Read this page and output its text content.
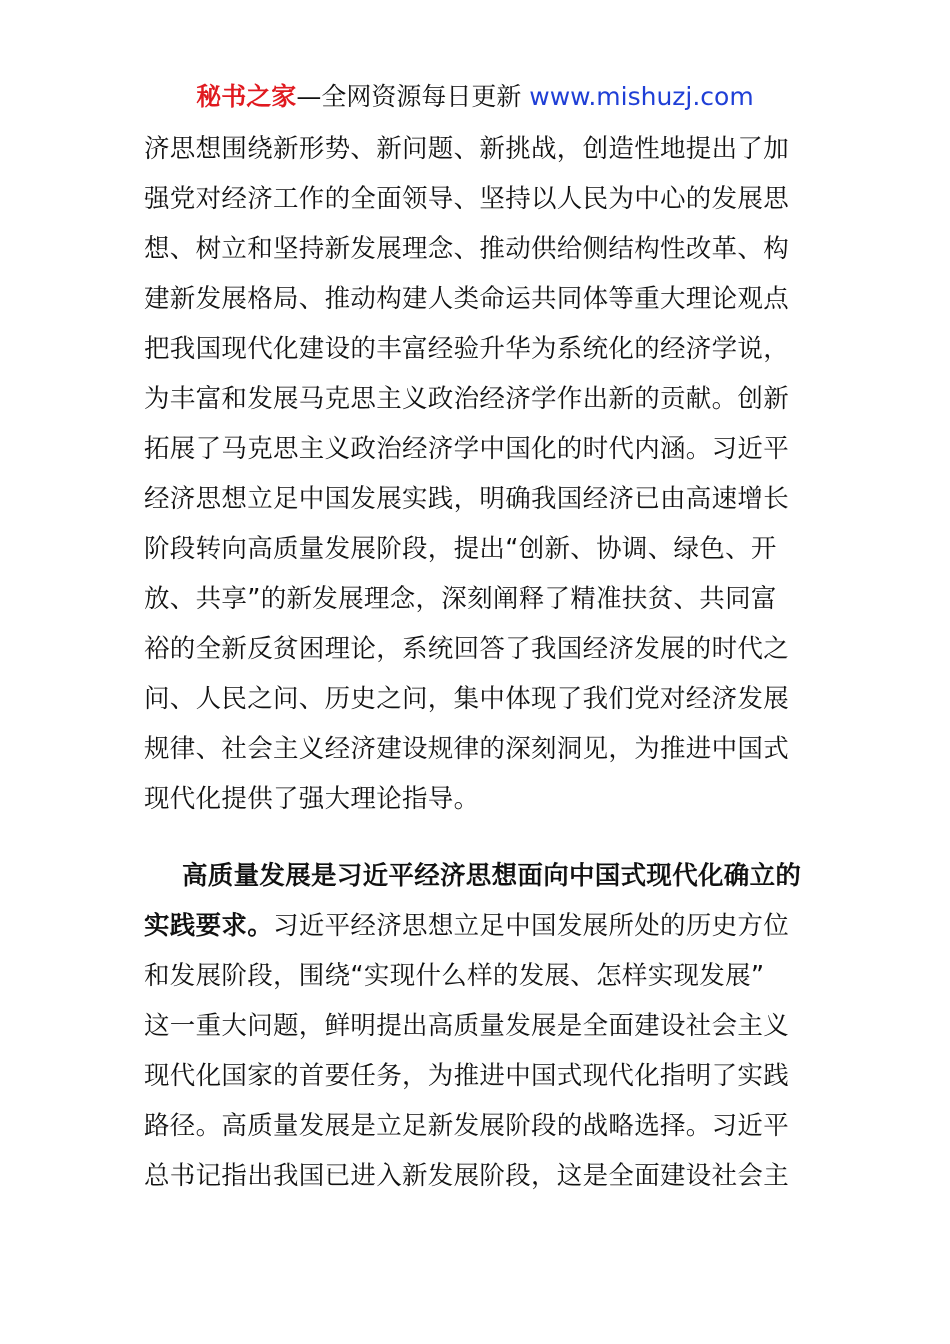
秘书之家—全网资源每日更新 www.mishuzj.com
济思想围绕新形势、新问题、新挑战，创造性地提出了加
强党对经济工作的全面领导、坚持以人民为中心的发展思
想、树立和坚持新发展理念、推动供给侧结构性改革、构
建新发展格局、推动构建人类命运共同体等重大理论观点
把我国现代化建设的丰富经验升华为系统化的经济学说，
为丰富和发展马克思主义政治经济学作出新的贡献。创新
拓展了马克思主义政治经济学中国化的时代内涵。习近平
经济思想立足中国发展实践，明确我国经济已由高速增长
阶段转向高质量发展阶段，提出“创新、协调、绿色、开
放、共享”的新发展理念，深刻阐释了精准扶贫、共同富
裕的全新反贫困理论，系统回答了我国经济发展的时代之
问、人民之问、历史之问，集中体现了我们党对经济发展
规律、社会主义经济建设规律的深刻洞见，为推进中国式
现代化提供了强大理论指导。
高质量发展是习近平经济思想面向中国式现代化确立的
实践要求。习近平经济思想立足中国发展所处的历史方位
和发展阶段，围绕“实现什么样的发展、怎样实现发展”
这一重大问题，鲜明提出高质量发展是全面建设社会主义
现代化国家的首要任务，为推进中国式现代化指明了实践
路径。高质量发展是立足新发展阶段的战略选择。习近平
总书记指出我国已进入新发展阶段，这是全面建设社会主
